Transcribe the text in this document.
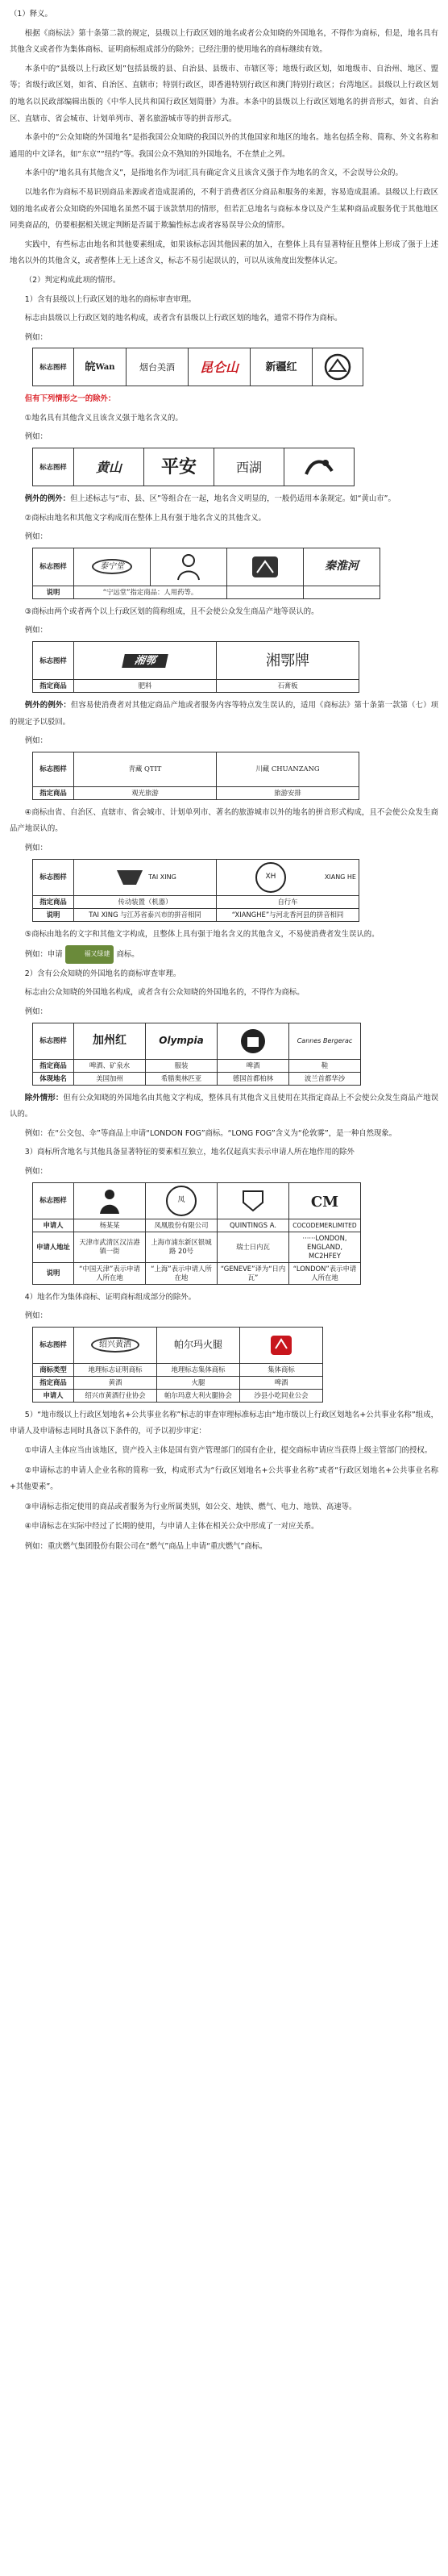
（1）释义。

根据《商标法》第十条第二款的规定，县级以上行政区划的地名或者公众知晓的外国地名，不得作为商标，但是，地名具有其他含义或者作为集体商标、证明商标组成部分的除外；已经注册的使用地名的商标继续有效。

本条中的“县级以上行政区划”包括县级的县、自治县、县级市、市辖区等；地级行政区划，如地级市、自治州、地区、盟等；省级行政区划，如省、自治区、直辖市；特别行政区，即香港特别行政区和澳门特别行政区；台湾地区。县级以上行政区划的地名以民政部编辑出版的《中华人民共和国行政区划简册》为准。本条中的县级以上行政区划地名的拼音形式，如省、自治区、直辖市、省会城市、计划单列市、著名旅游城市等的拼音形式。

本条中的“公众知晓的外国地名”是指我国公众知晓的我国以外的其他国家和地区的地名。地名包括全称、简称、外文名称和通用的中文译名，如“东京”“纽约”等。我国公众不熟知的外国地名，不在禁止之列。

本条中的“地名具有其他含义”，是指地名作为词汇具有确定含义且该含义强于作为地名的含义，不会误导公众的。

以地名作为商标不易识别商品来源或者造成混淆的，不利于消费者区分商品和服务的来源，容易造成混淆。县级以上行政区划的地名或者公众知晓的外国地名虽然不属于该款禁用的情形，但若汇总地名与商标本身以及产生某种商品或服务优于其他地区同类商品的，仍要根据相关规定判断是否属于欺骗性标志或者容易误导公众的情形。

实践中，有些标志由地名和其他要素组成，如果该标志因其他因素的加入，在整体上具有显著特征且整体上形成了强于上述地名以外的其他含义，或者整体上无上述含义，标志不易引起误认的，可以从该角度出发整体认定。

（2）判定构成此项的情形。

1）含有县级以上行政区划的地名的商标审查审理。

标志由县级以上行政区划的地名构成，或者含有县级以上行政区划的地名，通常不得作为商标。

例如：

标志图样	皖 Wan	烟台美酒	昆仑山	新疆红

但有下列情形之一的除外：

①地名具有其他含义且该含义强于地名含义的。

例如：

标志图样	黄山	平安	西湖

例外的例外：但上述标志与“市、县、区”等组合在一起，地名含义明显的，一般仍适用本条规定。如“黄山市”。

②商标由地名和其他文字构成而在整体上具有强于地名含义的其他含义。

例如：

标志图样	泰宁堂			秦淮河

说明	“宁远堂”指定商品：人用药等。			

③商标由两个或者两个以上行政区划的简称组成，且不会使公众发生商品产地等误认的。

例如：

标志图样	湘鄂	湘鄂牌

指定商品	肥料	石膏板

例外的例外：但容易使消费者对其他定商品产地或者服务内容等特点发生误认的，适用《商标法》第十条第一款第（七）项的规定予以驳回。

例如：

标志图样	青藏 QTIT	川藏 CHUANZANG
指定商品	观光旅游	旅游安排

④商标由省、自治区、直辖市、省会城市、计划单列市、著名的旅游城市以外的地名的拼音形式构成，且不会使公众发生商品产地误认的。

例如：

标志图样	TAI XING	XH XIANG HE

指定商品	传动装置（机器）	自行车
说明	TAI XING 与江苏省泰兴市的拼音相同	“XIANGHE”与河北香河县的拼音相同

⑤商标由地名的文字和其他文字构成，且整体上具有强于地名含义的其他含义，不易使消费者发生误认的。

例如：申请	福又绿建 商标。

2）含有公众知晓的外国地名的商标审查审理。

标志由公众知晓的外国地名构成，或者含有公众知晓的外国地名的，不得作为商标。

例如：

标志图样	加州红	Olympia		Cannes Bergerac

指定商品	啤酒、矿泉水	服装	啤酒	鞋
体现地名	美国加州	希腊奥林匹亚	德国首都柏林	波兰首都华沙

除外情形：但有公众知晓的外国地名由其他文字构成，整体具有其他含义且使用在其指定商品上不会使公众发生商品产地误认的。

例如：在“公交包、伞”等商品上申请“LONDON FOG”商标。“LONG FOG”含义为“伦敦雾”，是一种自然现象。

3）商标所含地名与其他具备显著特征的要素相互独立，地名仅起真实表示申请人所在地作用的除外

例如：

标志图样		凤		CM

申请人	杨某某	凤凰股份有限公司	QUINTINGS A.	COCODEMERLIMITED
申请人地址	天津市武清区汉沽港镇一街	上海市浦东新区银城路 20号	瑞士日内瓦	······LONDON, ENGLAND, MC2HFEY
说明	“中国天津”表示申请人所在地	“上海”表示申请人所在地	“GENEVE”译为“日内瓦”	“LONDON”表示申请人所在地

4）地名作为集体商标、证明商标组成部分的除外。

例如：

标志图样	绍兴黄酒	帕尔玛火腿

商标类型	地理标志证明商标	地理标志集体商标	集体商标
指定商品	黄酒	火腿	啤酒
申请人	绍兴市黄酒行业协会	帕尔玛意大利火腿协会	沙县小吃同业公会

5）“地市级以上行政区划地名+公共事业名称”标志的审查审理标准标志由“地市级以上行政区划地名+公共事业名称”组成，申请人及申请标志同时具备以下条件的，可予以初步审定：

①申请人主体应当由该地区，资产投入主体是国有资产管理部门的国有企业，提交商标申请应当获得上级主管部门的授权。

②申请标志的申请人企业名称的简称一致，构成形式为“行政区划地名+公共事业名称”或者“行政区划地名+公共事业名称+其他要素”。

③申请标志指定使用的商品或者服务为行业所属类别，如公交、地铁、燃气、电力、地铁、高速等。

④申请标志在实际中经过了长期的使用，与申请人主体在相关公众中形成了一对应关系。

例如：重庆燃气集团股份有限公司在“燃气”商品上申请“重庆燃气”商标。
